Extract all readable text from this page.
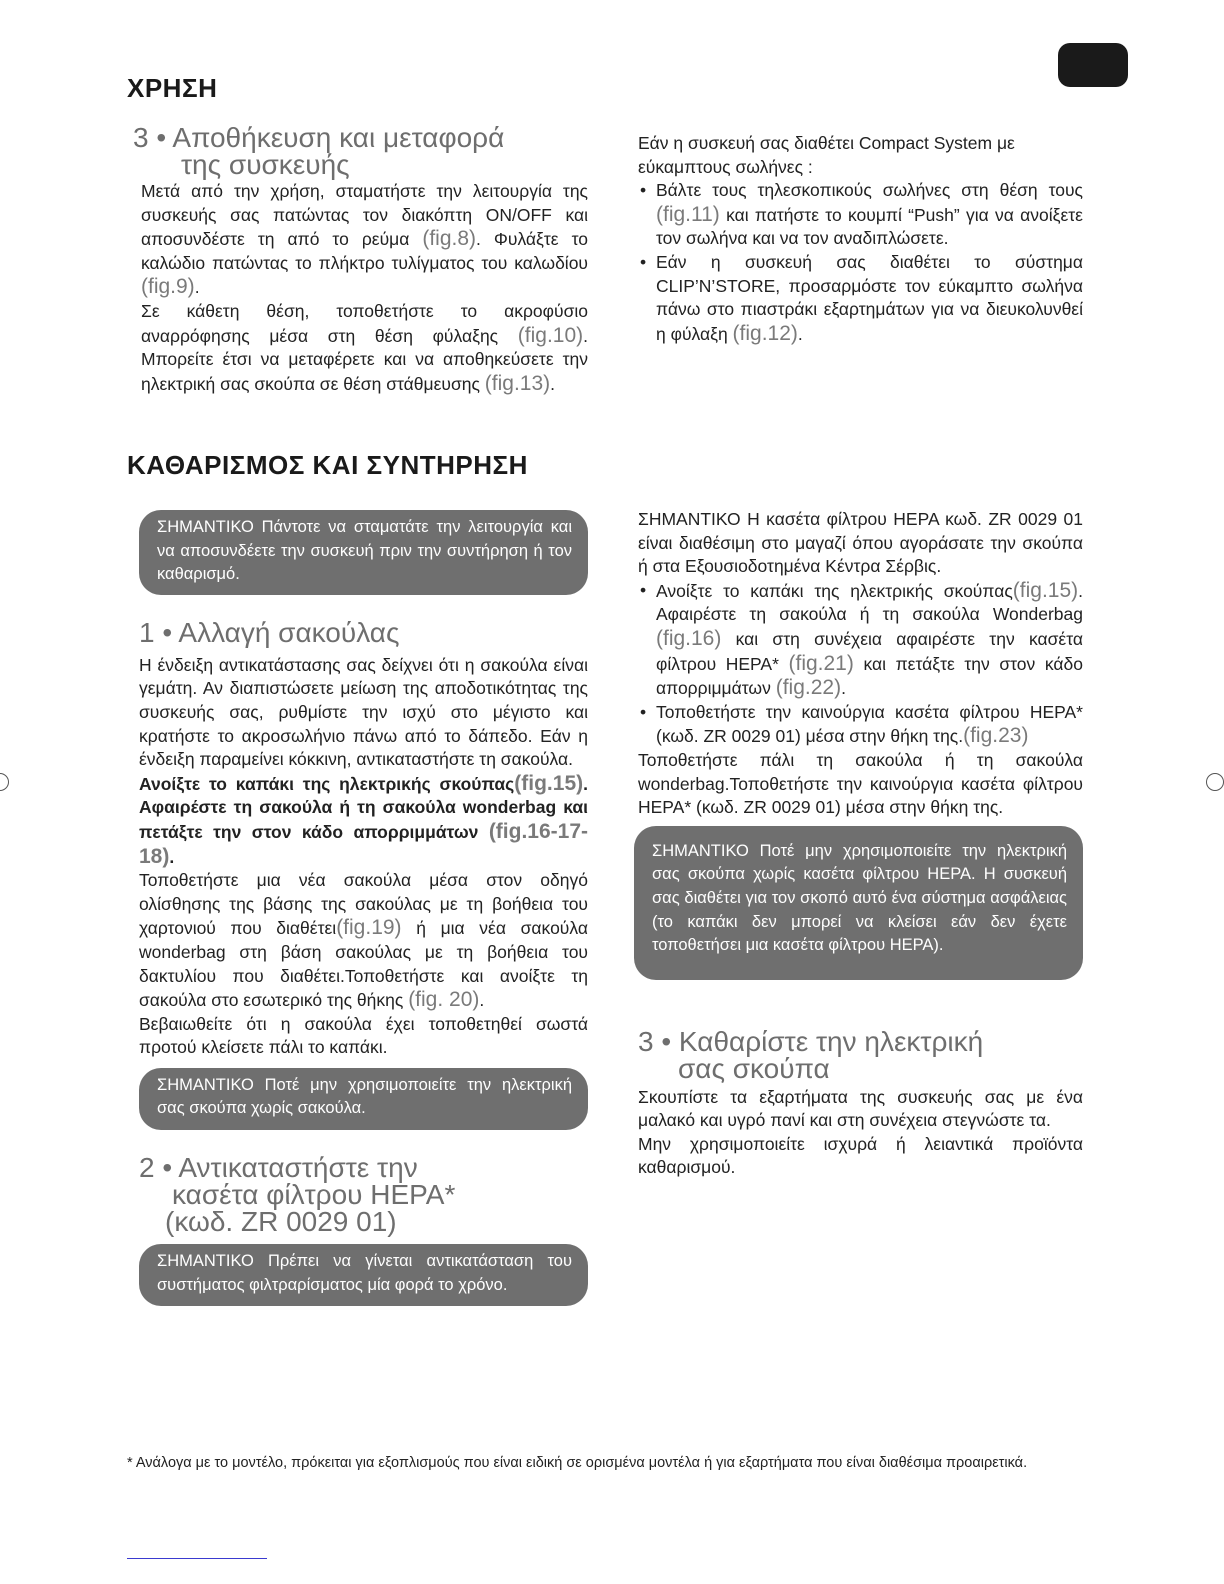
ΧΡΗΣΗ
3 • Αποθήκευση και μεταφορά
της συσκευής

Μετά από την χρήση, σταματήστε την λειτουργία της συσκευής σας πατώντας τον διακόπτη ON/OFF και αποσυνδέστε τη από το ρεύμα (fig.8). Φυλάξτε το καλώδιο πατώντας το πλήκτρο τυλίγματος του καλωδίου (fig.9).

Σε κάθετη θέση, τοποθετήστε το ακροφύσιο αναρρόφησης μέσα στη θέση φύλαξης (fig.10). Μπορείτε έτσι να μεταφέρετε και να αποθηκεύσετε την ηλεκτρική σας σκούπα σε θέση στάθμευσης (fig.13).

Εάν η συσκευή σας διαθέτει Compact System με εύκαμπτους σωλήνες :

• Βάλτε τους τηλεσκοπικούς σωλήνες στη θέση τους (fig.11) και πατήστε το κουμπί “Push” για να ανοίξετε τον σωλήνα και να τον αναδιπλώσετε.
• Εάν η συσκευή σας διαθέτει το σύστημα CLIP’N’STORE, προσαρμόστε τον εύκαμπτο σωλήνα πάνω στο πιαστράκι εξαρτημάτων για να διευκολυνθεί η φύλαξη (fig.12).
ΚΑΘΑΡΙΣΜΟΣ ΚΑΙ ΣΥΝΤΗΡΗΣΗ
ΣΗΜΑΝΤΙΚΟ Πάντοτε να σταματάτε την λειτουργία και να αποσυνδέετε την συσκευή πριν την συντήρηση ή τον καθαρισμό.
1 • Αλλαγή σακούλας

Η ένδειξη αντικατάστασης σας δείχνει ότι η σακούλα είναι γεμάτη. Αν διαπιστώσετε μείωση της αποδοτικότητας της συσκευής σας, ρυθμίστε την ισχύ στο μέγιστο και κρατήστε το ακροσωλήνιο πάνω από το δάπεδο. Εάν η ένδειξη παραμείνει κόκκινη, αντικαταστήστε τη σακούλα.

Ανοίξτε το καπάκι της ηλεκτρικής σκούπας(fig.15). Αφαιρέστε τη σακούλα ή τη σακούλα wonderbag και πετάξτε την στον κάδο απορριμμάτων (fig.16-17-18).

Τοποθετήστε μια νέα σακούλα μέσα στον οδηγό ολίσθησης της βάσης της σακούλας με τη βοήθεια του χαρτονιού που διαθέτει(fig.19) ή μια νέα σακούλα wonderbag στη βάση σακούλας με τη βοήθεια του δακτυλίου που διαθέτει.Τοποθετήστε και ανοίξτε τη σακούλα στο εσωτερικό της θήκης (fig. 20).

Βεβαιωθείτε ότι η σακούλα έχει τοποθετηθεί σωστά προτού κλείσετε πάλι το καπάκι.

ΣΗΜΑΝΤΙΚΟ Ποτέ μην χρησιμοποιείτε την ηλεκτρική σας σκούπα χωρίς σακούλα.
2 • Αντικαταστήστε την
κασέτα φίλτρου HEPA*
(κωδ. ZR 0029 01)
ΣΗΜΑΝΤΙΚΟ Πρέπει να γίνεται αντικατάσταση του συστήματος φιλτραρίσματος μία φορά το χρόνο.

ΣΗΜΑΝΤΙΚΟ Η κασέτα φίλτρου HEPA κωδ. ZR 0029 01 είναι διαθέσιμη στο μαγαζί όπου αγοράσατε την σκούπα ή στα Εξουσιοδοτημένα Κέντρα Σέρβις.

• Ανοίξτε το καπάκι της ηλεκτρικής σκούπας(fig.15). Αφαιρέστε τη σακούλα ή τη σακούλα Wonderbag (fig.16) και στη συνέχεια αφαιρέστε την κασέτα φίλτρου HEPA* (fig.21) και πετάξτε την στον κάδο απορριμμάτων (fig.22).
• Τοποθετήστε την καινούργια κασέτα φίλτρου HEPA* (κωδ. ZR 0029 01) μέσα στην θήκη της.(fig.23)

Τοποθετήστε πάλι τη σακούλα ή τη σακούλα wonderbag.Τοποθετήστε την καινούργια κασέτα φίλτρου HEPA* (κωδ. ZR 0029 01) μέσα στην θήκη της.

ΣΗΜΑΝΤΙΚΟ Ποτέ μην χρησιμοποιείτε την ηλεκτρική σας σκούπα χωρίς κασέτα φίλτρου HEPA. Η συσκευή σας διαθέτει για τον σκοπό αυτό ένα σύστημα ασφάλειας (το καπάκι δεν μπορεί να κλείσει εάν δεν έχετε τοποθετήσει μια κασέτα φίλτρου HEPA).
3 • Καθαρίστε την ηλεκτρική
σας σκούπα

Σκουπίστε τα εξαρτήματα της συσκευής σας με ένα μαλακό και υγρό πανί και στη συνέχεια στεγνώστε τα.

Μην χρησιμοποιείτε ισχυρά ή λειαντικά προϊόντα καθαρισμού.

* Ανάλογα με το μοντέλο, πρόκειται για εξοπλισμούς που είναι ειδική σε ορισμένα μοντέλα ή για εξαρτήματα που είναι διαθέσιμα προαιρετικά.
